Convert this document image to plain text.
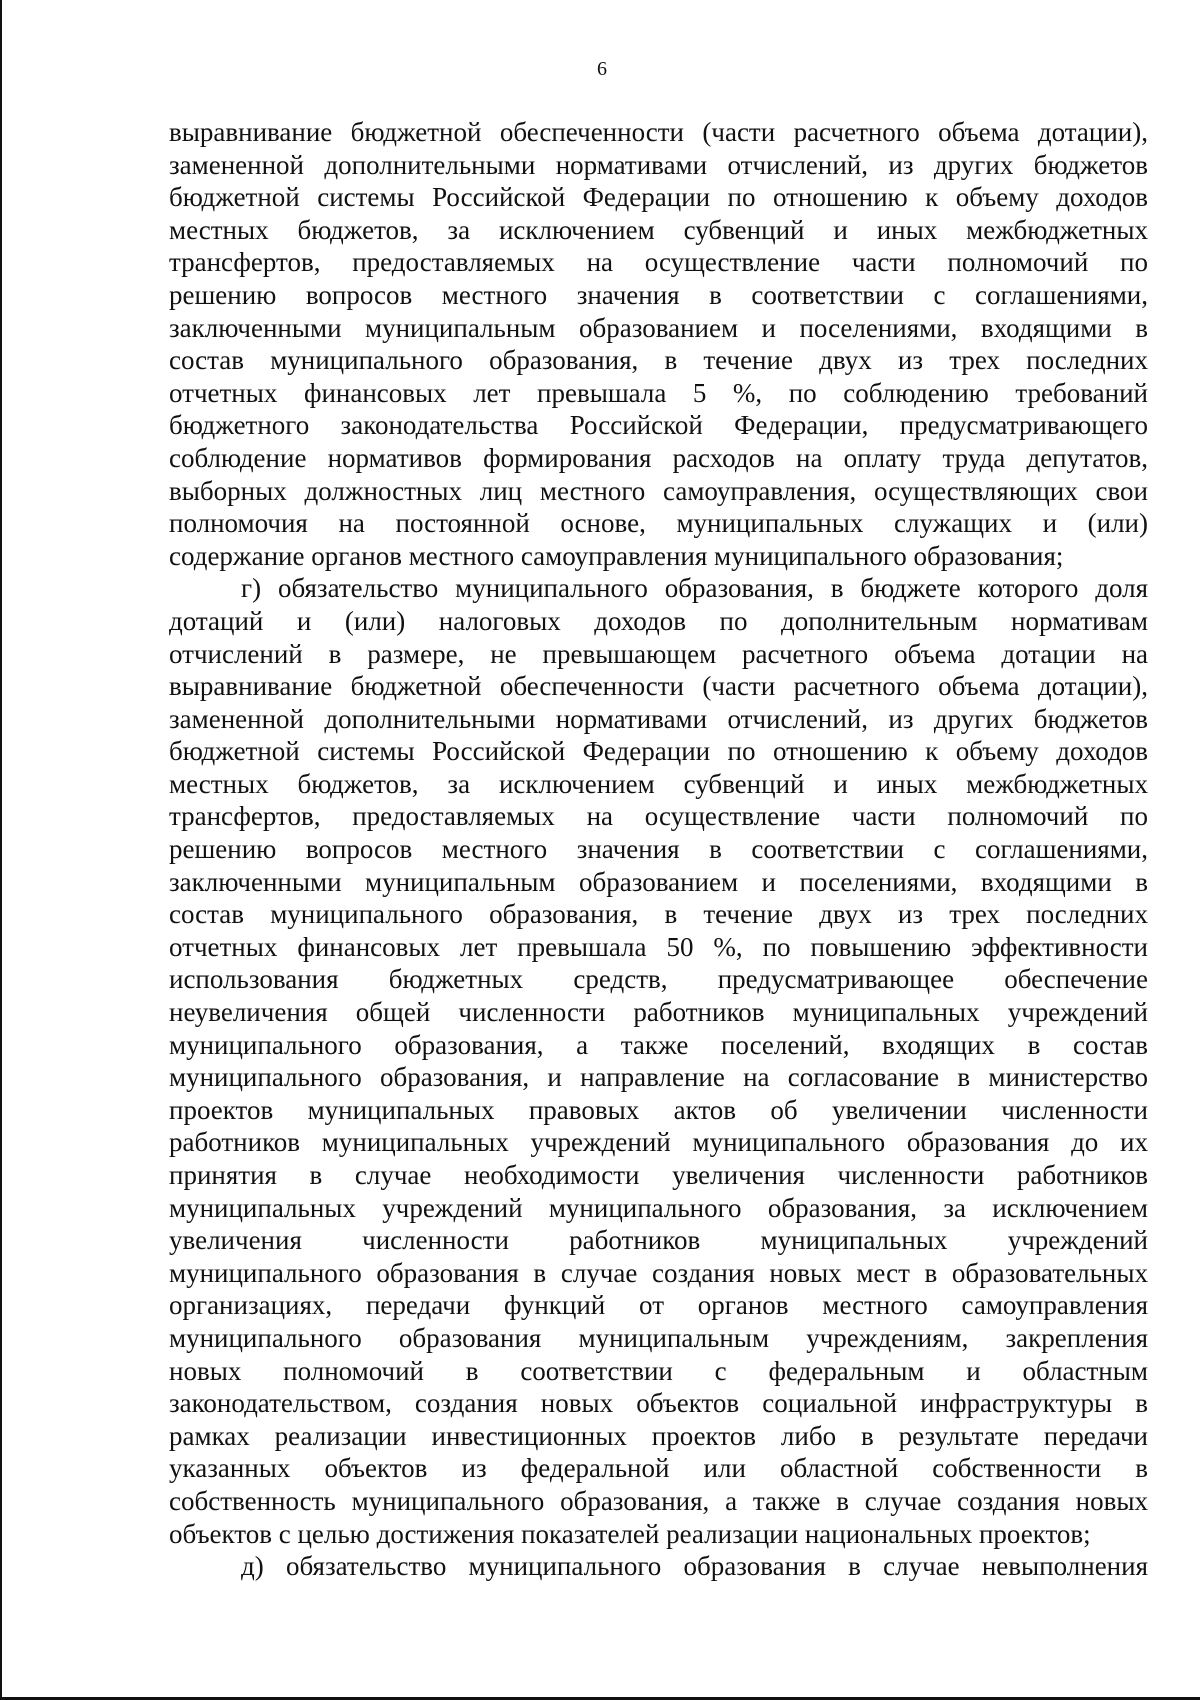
6
выравнивание бюджетной обеспеченности (части расчетного объема дотации),
замененной дополнительными нормативами отчислений, из других бюджетов
бюджетной системы Российской Федерации по отношению к объему доходов
местных бюджетов, за исключением субвенций и иных межбюджетных
трансфертов, предоставляемых на осуществление части полномочий по
решению вопросов местного значения в соответствии с соглашениями,
заключенными муниципальным образованием и поселениями, входящими в
состав муниципального образования, в течение двух из трех последних
отчетных финансовых лет превышала 5 %, по соблюдению требований
бюджетного законодательства Российской Федерации, предусматривающего
соблюдение нормативов формирования расходов на оплату труда депутатов,
выборных должностных лиц местного самоуправления, осуществляющих свои
полномочия на постоянной основе, муниципальных служащих и (или)
содержание органов местного самоуправления муниципального образования;
г) обязательство муниципального образования, в бюджете которого доля
дотаций и (или) налоговых доходов по дополнительным нормативам
отчислений в размере, не превышающем расчетного объема дотации на
выравнивание бюджетной обеспеченности (части расчетного объема дотации),
замененной дополнительными нормативами отчислений, из других бюджетов
бюджетной системы Российской Федерации по отношению к объему доходов
местных бюджетов, за исключением субвенций и иных межбюджетных
трансфертов, предоставляемых на осуществление части полномочий по
решению вопросов местного значения в соответствии с соглашениями,
заключенными муниципальным образованием и поселениями, входящими в
состав муниципального образования, в течение двух из трех последних
отчетных финансовых лет превышала 50 %, по повышению эффективности
использования бюджетных средств, предусматривающее обеспечение
неувеличения общей численности работников муниципальных учреждений
муниципального образования, а также поселений, входящих в состав
муниципального образования, и направление на согласование в министерство
проектов муниципальных правовых актов об увеличении численности
работников муниципальных учреждений муниципального образования до их
принятия в случае необходимости увеличения численности работников
муниципальных учреждений муниципального образования, за исключением
увеличения численности работников муниципальных учреждений
муниципального образования в случае создания новых мест в образовательных
организациях, передачи функций от органов местного самоуправления
муниципального образования муниципальным учреждениям, закрепления
новых полномочий в соответствии с федеральным и областным
законодательством, создания новых объектов социальной инфраструктуры в
рамках реализации инвестиционных проектов либо в результате передачи
указанных объектов из федеральной или областной собственности в
собственность муниципального образования, а также в случае создания новых
объектов с целью достижения показателей реализации национальных проектов;
д) обязательство муниципального образования в случае невыполнения
